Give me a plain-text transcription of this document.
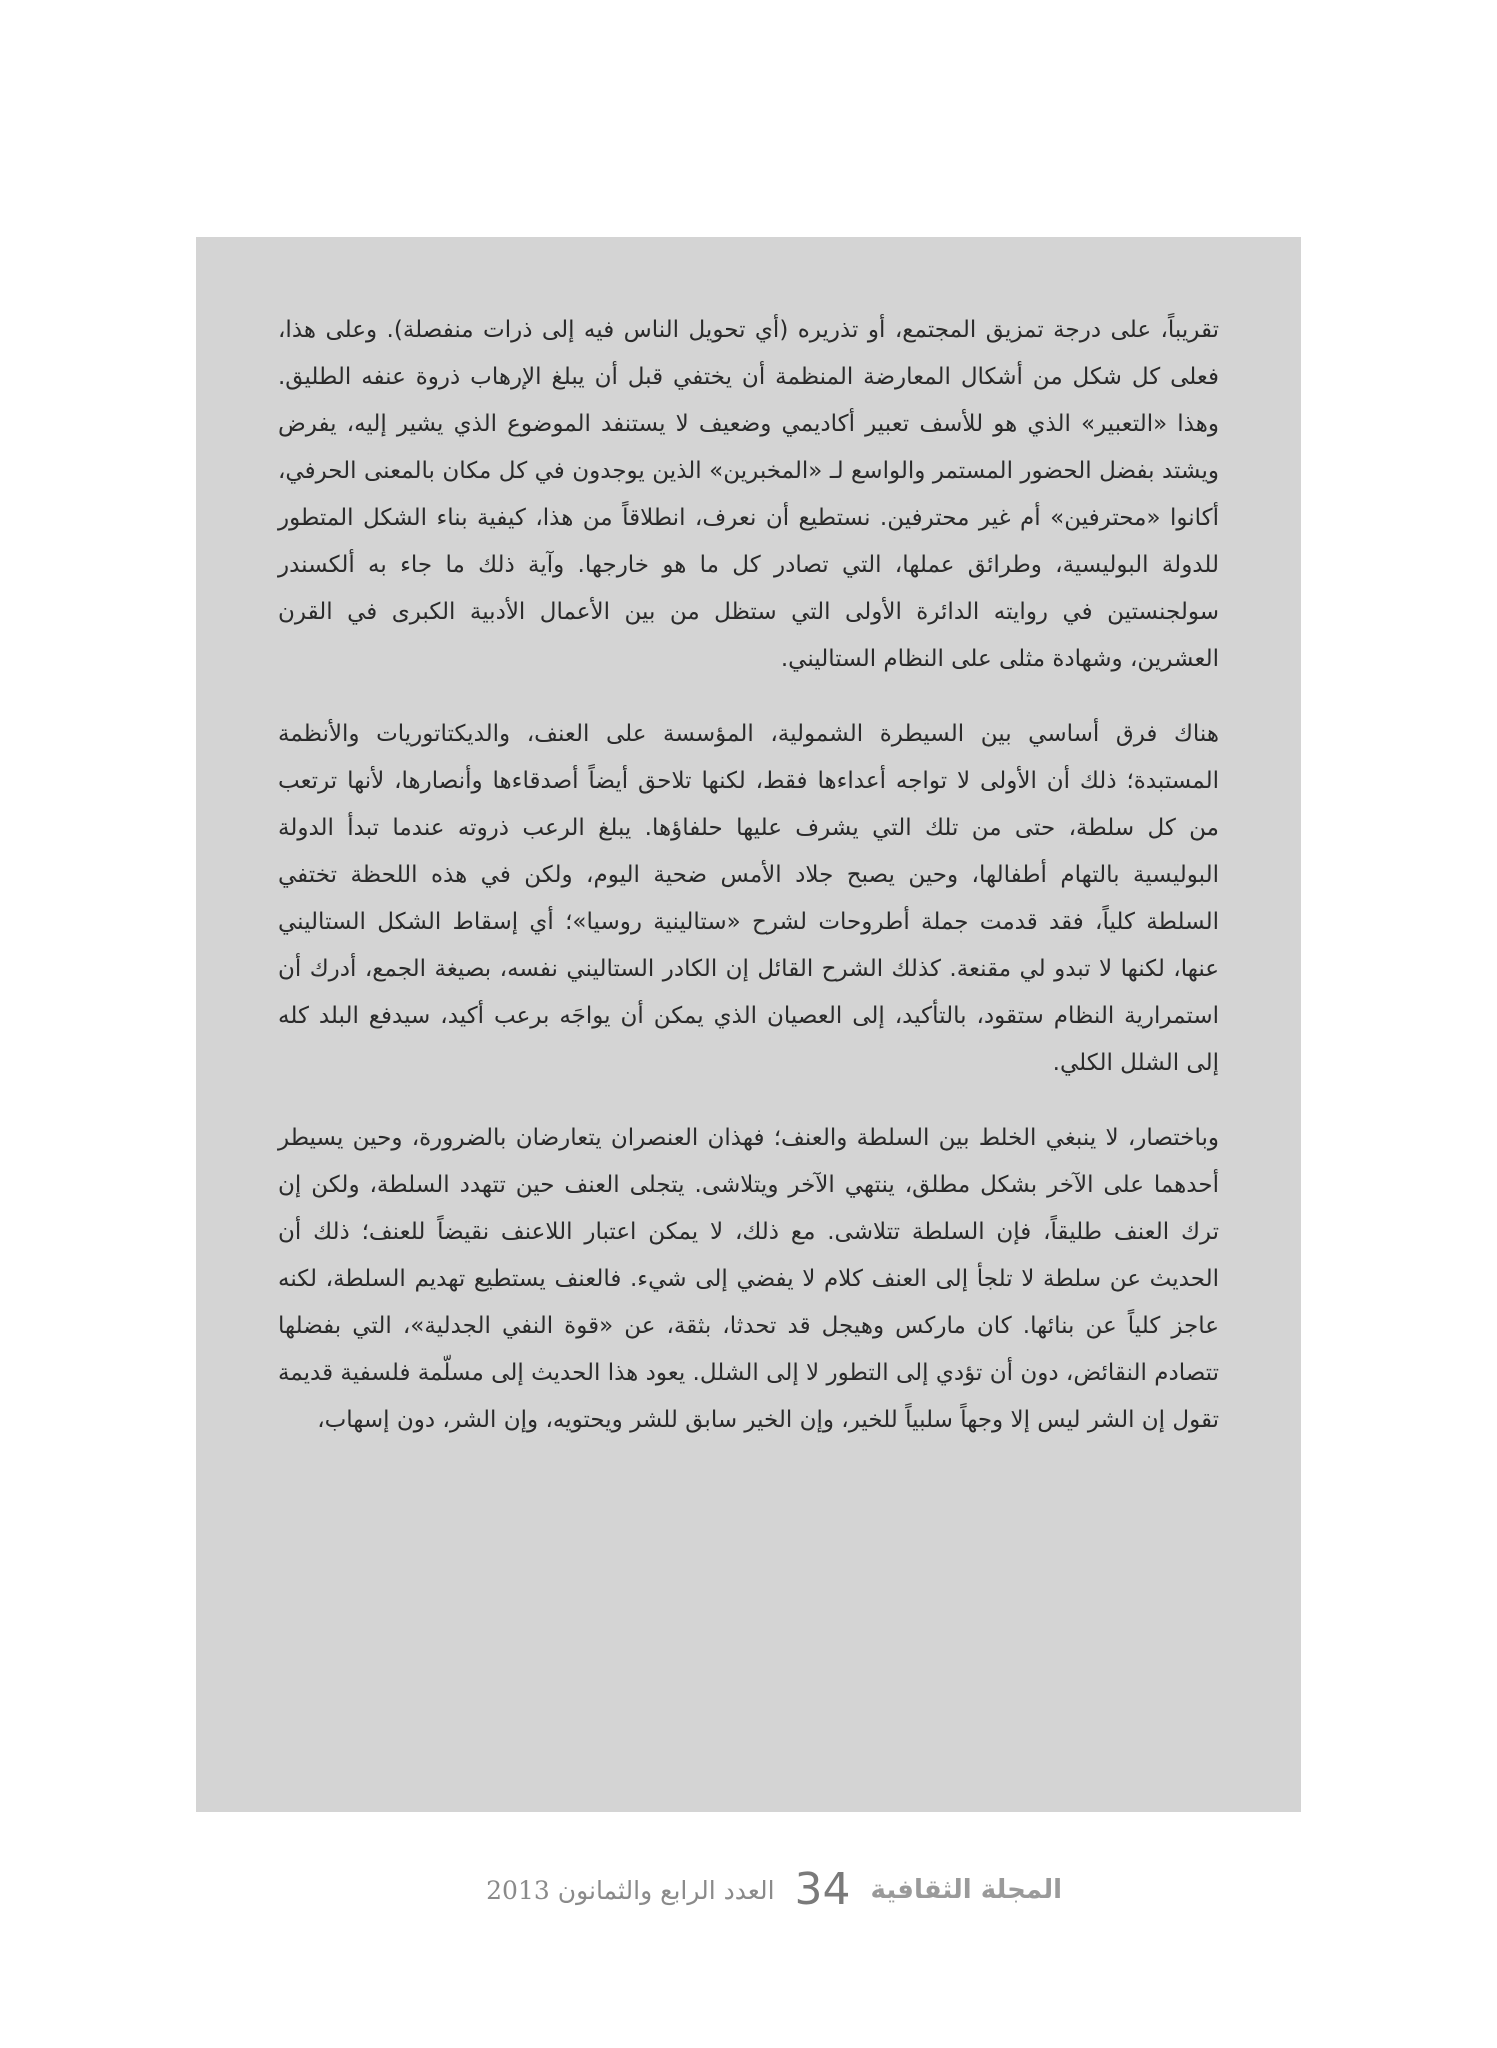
تقريباً، على درجة تمزيق المجتمع، أو تذريره (أي تحويل الناس فيه إلى ذرات منفصلة). وعلى هذا، فعلى كل شكل من أشكال المعارضة المنظمة أن يختفي قبل أن يبلغ الإرهاب ذروة عنفه الطليق. وهذا «التعبير» الذي هو للأسف تعبير أكاديمي وضعيف لا يستنفد الموضوع الذي يشير إليه، يفرض ويشتد بفضل الحضور المستمر والواسع لـ «المخبرين» الذين يوجدون في كل مكان بالمعنى الحرفي، أكانوا «محترفين» أم غير محترفين. نستطيع أن نعرف، انطلاقاً من هذا، كيفية بناء الشكل المتطور للدولة البوليسية، وطرائق عملها، التي تصادر كل ما هو خارجها. وآية ذلك ما جاء به ألكسندر سولجنستين في روايته الدائرة الأولى التي ستظل من بين الأعمال الأدبية الكبرى في القرن العشرين، وشهادة مثلى على النظام الستاليني.

هناك فرق أساسي بين السيطرة الشمولية، المؤسسة على العنف، والديكتاتوريات والأنظمة المستبدة؛ ذلك أن الأولى لا تواجه أعداءها فقط، لكنها تلاحق أيضاً أصدقاءها وأنصارها، لأنها ترتعب من كل سلطة، حتى من تلك التي يشرف عليها حلفاؤها. يبلغ الرعب ذروته عندما تبدأ الدولة البوليسية بالتهام أطفالها، وحين يصبح جلاد الأمس ضحية اليوم، ولكن في هذه اللحظة تختفي السلطة كلياً، فقد قدمت جملة أطروحات لشرح «ستالينية روسيا»؛ أي إسقاط الشكل الستاليني عنها، لكنها لا تبدو لي مقنعة. كذلك الشرح القائل إن الكادر الستاليني نفسه، بصيغة الجمع، أدرك أن استمرارية النظام ستقود، بالتأكيد، إلى العصيان الذي يمكن أن يواجَه برعب أكيد، سيدفع البلد كله إلى الشلل الكلي.

وباختصار، لا ينبغي الخلط بين السلطة والعنف؛ فهذان العنصران يتعارضان بالضرورة، وحين يسيطر أحدهما على الآخر بشكل مطلق، ينتهي الآخر ويتلاشى. يتجلى العنف حين تتهدد السلطة، ولكن إن ترك العنف طليقاً، فإن السلطة تتلاشى. مع ذلك، لا يمكن اعتبار اللاعنف نقيضاً للعنف؛ ذلك أن الحديث عن سلطة لا تلجأ إلى العنف كلام لا يفضي إلى شيء. فالعنف يستطيع تهديم السلطة، لكنه عاجز كلياً عن بنائها. كان ماركس وهيجل قد تحدثا، بثقة، عن «قوة النفي الجدلية»، التي بفضلها تتصادم النقائض، دون أن تؤدي إلى التطور لا إلى الشلل. يعود هذا الحديث إلى مسلّمة فلسفية قديمة تقول إن الشر ليس إلا وجهاً سلبياً للخير، وإن الخير سابق للشر ويحتويه، وإن الشر، دون إسهاب،

المجلة الثقافية
34
العدد الرابع والثمانون 2013
